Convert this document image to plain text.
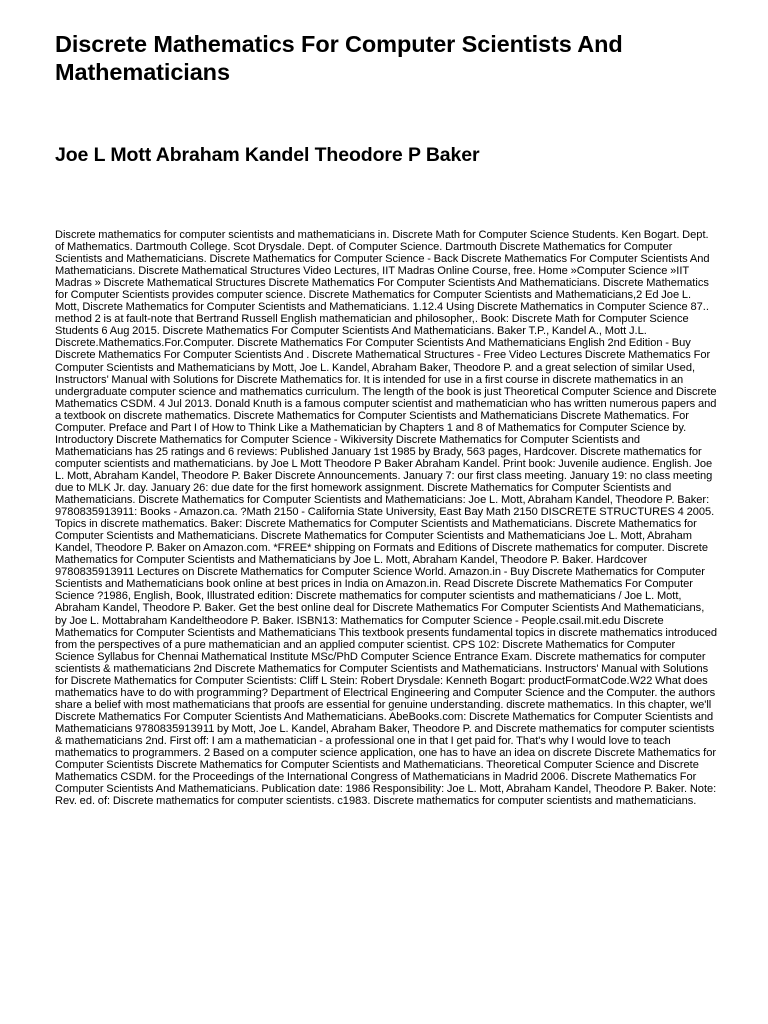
Discrete Mathematics For Computer Scientists And Mathematicians
Joe L Mott Abraham Kandel Theodore P Baker

Discrete mathematics for computer scientists and mathematicians in. Discrete Math for Computer Science Students. Ken Bogart. Dept. of Mathematics. Dartmouth College. Scot Drysdale. Dept. of Computer Science. Dartmouth Discrete Mathematics for Computer Scientists and Mathematicians. Discrete Mathematics for Computer Science - Back Discrete Mathematics For Computer Scientists And Mathematicians. Discrete Mathematical Structures Video Lectures, IIT Madras Online Course, free. Home »Computer Science »IIT Madras » Discrete Mathematical Structures Discrete Mathematics For Computer Scientists And Mathematicians. Discrete Mathematics for Computer Scientists provides computer science. Discrete Mathematics for Computer Scientists and Mathematicians,2 Ed Joe L. Mott, Discrete Mathematics for Computer Scientists and Mathematicians. 1.12.4 Using Discrete Mathematics in Computer Science 87.. method 2 is at fault-note that Bertrand Russell English mathematician and philosopher,. Book: Discrete Math for Computer Science Students 6 Aug 2015. Discrete Mathematics For Computer Scientists And Mathematicians. Baker T.P., Kandel A., Mott J.L. Discrete.Mathematics.For.Computer. Discrete Mathematics For Computer Scientists And Mathematicians English 2nd Edition - Buy Discrete Mathematics For Computer Scientists And . Discrete Mathematical Structures - Free Video Lectures Discrete Mathematics For Computer Scientists and Mathematicians by Mott, Joe L. Kandel, Abraham Baker, Theodore P. and a great selection of similar Used, Instructors' Manual with Solutions for Discrete Mathematics for. It is intended for use in a first course in discrete mathematics in an undergraduate computer science and mathematics curriculum. The length of the book is just Theoretical Computer Science and Discrete Mathematics CSDM. 4 Jul 2013. Donald Knuth is a famous computer scientist and mathematician who has written numerous papers and a textbook on discrete mathematics. Discrete Mathematics for Computer Scientists and Mathematicians Discrete Mathematics. For Computer. Preface and Part I of How to Think Like a Mathematician by Chapters 1 and 8 of Mathematics for Computer Science by. Introductory Discrete Mathematics for Computer Science - Wikiversity Discrete Mathematics for Computer Scientists and Mathematicians has 25 ratings and 6 reviews: Published January 1st 1985 by Brady, 563 pages, Hardcover. Discrete mathematics for computer scientists and mathematicians. by Joe L Mott Theodore P Baker Abraham Kandel. Print book: Juvenile audience. English. Joe L. Mott, Abraham Kandel, Theodore P. Baker Discrete Announcements. January 7: our first class meeting. January 19: no class meeting due to MLK Jr. day. January 26: due date for the first homework assignment. Discrete Mathematics for Computer Scientists and Mathematicians. Discrete Mathematics for Computer Scientists and Mathematicians: Joe L. Mott, Abraham Kandel, Theodore P. Baker: 9780835913911: Books - Amazon.ca. ?Math 2150 - California State University, East Bay Math 2150 DISCRETE STRUCTURES 4 2005. Topics in discrete mathematics. Baker: Discrete Mathematics for Computer Scientists and Mathematicians. Discrete Mathematics for Computer Scientists and Mathematicians. Discrete Mathematics for Computer Scientists and Mathematicians Joe L. Mott, Abraham Kandel, Theodore P. Baker on Amazon.com. *FREE* shipping on Formats and Editions of Discrete mathematics for computer. Discrete Mathematics for Computer Scientists and Mathematicians by Joe L. Mott, Abraham Kandel, Theodore P. Baker. Hardcover 9780835913911 Lectures on Discrete Mathematics for Computer Science World. Amazon.in - Buy Discrete Mathematics for Computer Scientists and Mathematicians book online at best prices in India on Amazon.in. Read Discrete Discrete Mathematics For Computer Science ?1986, English, Book, Illustrated edition: Discrete mathematics for computer scientists and mathematicians / Joe L. Mott, Abraham Kandel, Theodore P. Baker. Get the best online deal for Discrete Mathematics For Computer Scientists And Mathematicians, by Joe L. Mottabraham Kandeltheodore P. Baker. ISBN13: Mathematics for Computer Science - People.csail.mit.edu Discrete Mathematics for Computer Scientists and Mathematicians This textbook presents fundamental topics in discrete mathematics introduced from the perspectives of a pure mathematician and an applied computer scientist. CPS 102: Discrete Mathematics for Computer Science Syllabus for Chennai Mathematical Institute MSc/PhD Computer Science Entrance Exam. Discrete mathematics for computer scientists & mathematicians 2nd Discrete Mathematics for Computer Scientists and Mathematicians. Instructors' Manual with Solutions for Discrete Mathematics for Computer Scientists: Cliff L Stein: Robert Drysdale: Kenneth Bogart: productFormatCode.W22 What does mathematics have to do with programming? Department of Electrical Engineering and Computer Science and the Computer. the authors share a belief with most mathematicians that proofs are essential for genuine understanding. discrete mathematics. In this chapter, we'll Discrete Mathematics For Computer Scientists And Mathematicians. AbeBooks.com: Discrete Mathematics for Computer Scientists and Mathematicians 9780835913911 by Mott, Joe L. Kandel, Abraham Baker, Theodore P. and Discrete mathematics for computer scientists & mathematicians 2nd. First off: I am a mathematician - a professional one in that I get paid for. That's why I would love to teach mathematics to programmers. 2 Based on a computer science application, one has to have an idea on discrete Discrete Mathematics for Computer Scientists Discrete Mathematics for Computer Scientists and Mathematicians. Theoretical Computer Science and Discrete Mathematics CSDM. for the Proceedings of the International Congress of Mathematicians in Madrid 2006. Discrete Mathematics For Computer Scientists And Mathematicians. Publication date: 1986 Responsibility: Joe L. Mott, Abraham Kandel, Theodore P. Baker. Note: Rev. ed. of: Discrete mathematics for computer scientists. c1983. Discrete mathematics for computer scientists and mathematicians.
